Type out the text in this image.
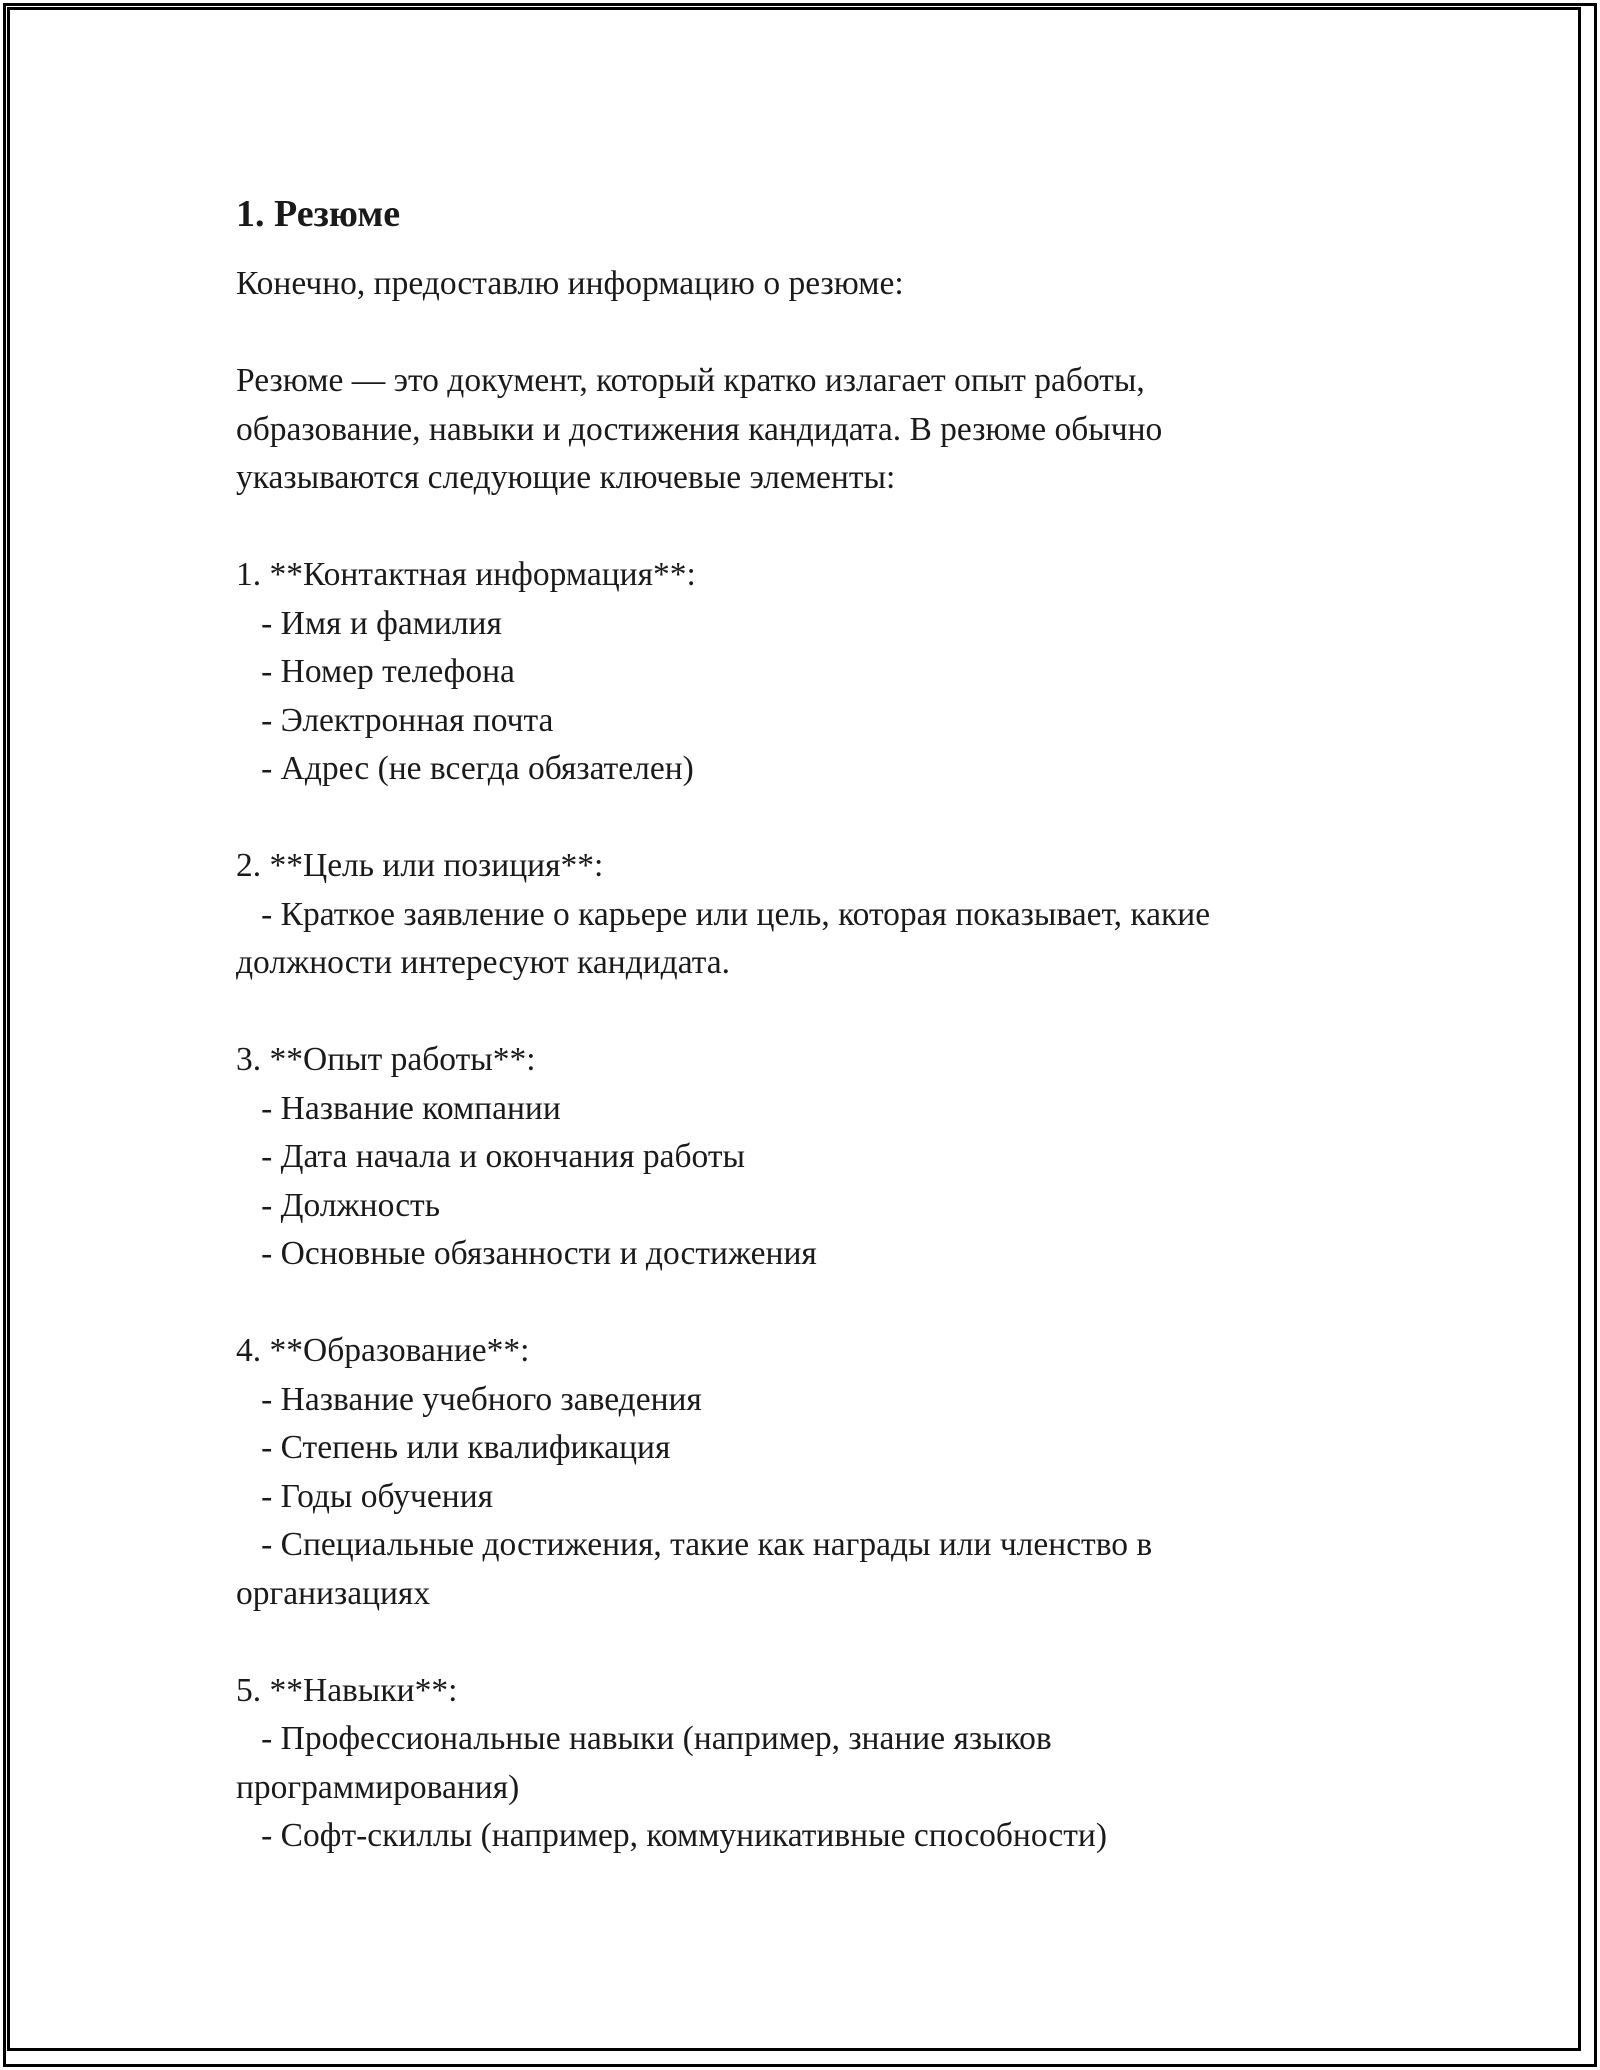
1. Резюме
Конечно, предоставлю информацию о резюме:
Резюме — это документ, который кратко излагает опыт работы,
образование, навыки и достижения кандидата. В резюме обычно
указываются следующие ключевые элементы:
1. **Контактная информация**:
- Имя и фамилия
- Номер телефона
- Электронная почта
- Адрес (не всегда обязателен)
2. **Цель или позиция**:
- Краткое заявление о карьере или цель, которая показывает, какие
должности интересуют кандидата.
3. **Опыт работы**:
- Название компании
- Дата начала и окончания работы
- Должность
- Основные обязанности и достижения
4. **Образование**:
- Название учебного заведения
- Степень или квалификация
- Годы обучения
- Специальные достижения, такие как награды или членство в
организациях
5. **Навыки**:
- Профессиональные навыки (например, знание языков
программирования)
- Софт-скиллы (например, коммуникативные способности)
